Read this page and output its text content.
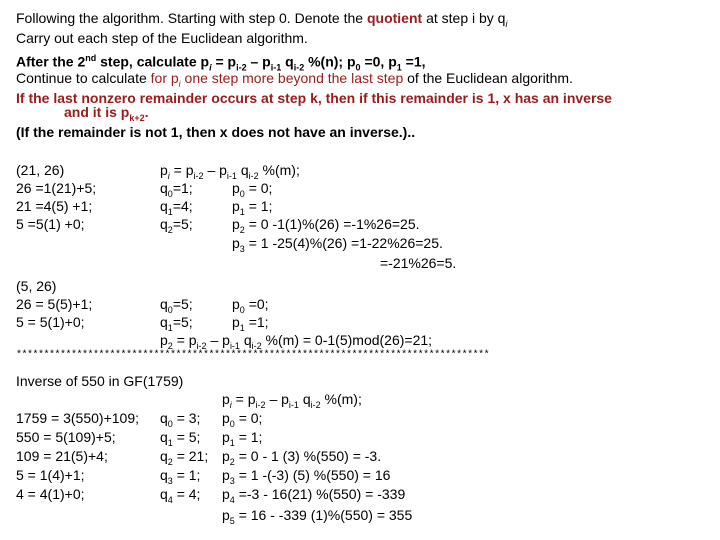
Following the algorithm. Starting with step 0. Denote the quotient at step i by $q_i$
Carry out each step of the Euclidean algorithm.
After the 2nd step, calculate $p_i = p_{i-2} - p_{i-1}$ $q_{i-2}$ %(n); $p_0 =0$, $p_1 =1$,
Continue to calculate for $p_i$ one step more beyond the last step of the Euclidean algorithm.
If the last nonzero remainder occurs at step k, then if this remainder is 1, x has an inverse
and it is $p_{k+2}$.
(If the remainder is not 1, then x does not have an inverse.)..
(21, 26)
26 =1(21)+5;
21 =4(5) +1;
5 =5(1) +0;
$p_i = p_{i-2} - p_{i-1}$ $q_{i-2}$ %(m);
$q_0=1$;
$q_1=4$;
$q_2=5$;
$p_0 = 0$;
$p_1 = 1$;
$p_2 = 0$ -1(1)%(26) =-1%26=25.
$p_3 = 1$ -25(4)%(26) =1-22%26=25.
=-21%26=5.
(5, 26)
26 = 5(5)+1;
5 = 5(1)+0;
$q_0=5$;
$q_1=5$;
$p_0 =0$;
$p_1 =1$;
$p_2 = p_{i-2} - p_{i-1}$ $q_{i-2}$ %(m) = 0-1(5)mod(26)=21;
**************************************************************************************
Inverse of 550 in GF(1759)
$p_i = p_{i-2} - p_{i-1}$ $q_{i-2}$ %(m);
1759 = 3(550)+109;
550 = 5(109)+5;
109 = 21(5)+4;
5 = 1(4)+1;
4 = 4(1)+0;
$q_0 = 3$;
$q_1 = 5$;
$q_2 = 21$;
$q_3 = 1$;
$q_4 = 4$;
$p_0 = 0$;
$p_1 = 1$;
$p_2 = 0 - 1$ (3) %(550) = -3.
$p_3 = 1$ -(-3) (5) %(550) = 16
$p_4 =-3 - 16(21) \%(550) = -339$
$p_5 = 16 - -339$ (1)%(550) = 355
